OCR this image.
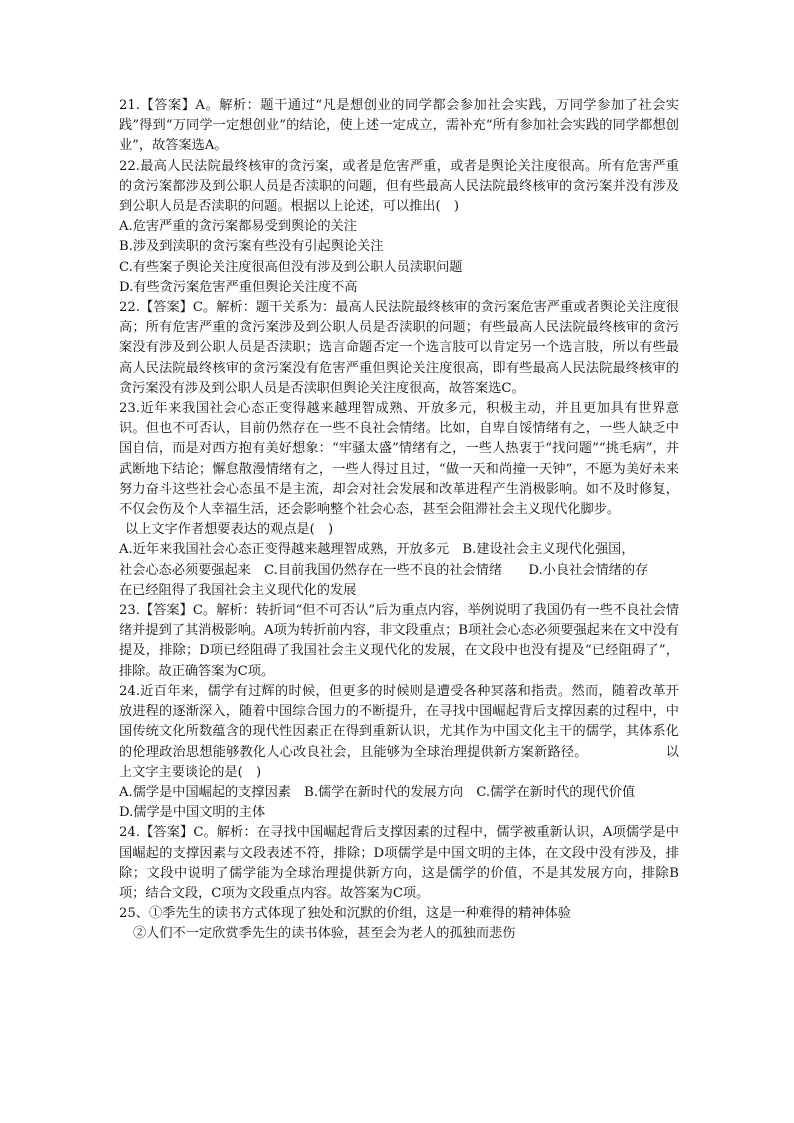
21.【答案】A。解析：题干通过“凡是想创业的同学都会参加社会实践，万同学参加了社会实践”得到“万同学一定想创业”的结论，使上述一定成立，需补充“所有参加社会实践的同学都想创业”，故答案选A。

22.最高人民法院最终核审的贪污案，或者是危害严重，或者是舆论关注度很高。所有危害严重的贪污案都涉及到公职人员是否渎职的问题，但有些最高人民法院最终核审的贪污案并没有涉及到公职人员是否渎职的问题。根据以上论述，可以推出(　)

A.危害严重的贪污案都易受到舆论的关注
B.涉及到渎职的贪污案有些没有引起舆论关注
C.有些案子舆论关注度很高但没有涉及到公职人员渎职问题
D.有些贪污案危害严重但舆论关注度不高

22.【答案】C。解析：题干关系为：最高人民法院最终核审的贪污案危害严重或者舆论关注度很高；所有危害严重的贪污案涉及到公职人员是否渎职的问题；有些最高人民法院最终核审的贪污案没有涉及到公职人员是否渎职；选言命题否定一个选言肢可以肯定另一个选言肢，所以有些最高人民法院最终核审的贪污案没有危害严重但舆论关注度很高，即有些最高人民法院最终核审的贪污案没有涉及到公职人员是否渎职但舆论关注度很高，故答案选C。

23.近年来我国社会心态正变得越来越理智成熟、开放多元，积极主动，并且更加具有世界意识。但也不可否认，目前仍然存在一些不良社会情绪。比如，自卑自馁情绪有之，一些人缺乏中国自信，而是对西方抱有美好想象：“牢骚太盛”情绪有之，一些人热衷于“找问题”“挑毛病”，并武断地下结论；懈怠散漫情绪有之，一些人得过且过，“做一天和尚撞一天钟”，不愿为美好未来努力奋斗这些社会心态虽不是主流，却会对社会发展和改革进程产生消极影响。如不及时修复，不仅会伤及个人幸福生活，还会影响整个社会心态，甚至会阻滞社会主义现代化脚步。

以上文字作者想要表达的观点是(　)

A.近年来我国社会心态正变得越来越理智成熟，开放多元　B.建设社会主义现代化强国，
社会心态必须要强起来　C.目前我国仍然存在一些不良的社会情绪　　D.小良社会情绪的存
在已经阻得了我国社会主义现代化的发展

23.【答案】C。解析：转折词“但不可否认”后为重点内容，举例说明了我国仍有一些不良社会情绪并提到了其消极影响。A项为转折前内容，非文段重点；B项社会心态必须要强起来在文中没有提及，排除；D项已经阻碍了我国社会主义现代化的发展，在文段中也没有提及“已经阻碍了”，排除。故正确答案为C项。

24.近百年来，儒学有过辉的时候，但更多的时候则是遭受各种冥落和指责。然而，随着改革开放进程的逐渐深入，随着中国综合国力的不断提升，在寻找中国崛起背后支撑因素的过程中，中国传统文化所数蕴含的现代性因素正在得到重新认识，尤其作为中国文化主干的儒学，其体系化的伦理政治思想能够教化人心改良社会，且能够为全球治理提供新方案新路径。	以上文字主要谈论的是(　)

A.儒学是中国崛起的支撑因素　B.儒学在新时代的发展方向　C.儒学在新时代的现代价值
D.儒学是中国文明的主体

24.【答案】C。解析：在寻找中国崛起背后支撑因素的过程中，儒学被重新认识，A项儒学是中国崛起的支撑因素与文段表述不符，排除；D项儒学是中国文明的主体，在文段中没有涉及，排除；文段中说明了儒学能为全球治理提供新方向，这是儒学的价值，不是其发展方向，排除B项；结合文段，C项为文段重点内容。故答案为C项。

25、①季先生的读书方式体现了独处和沉默的价组，这是一种难得的精神体验

②人们不一定欣赏季先生的读书体验，甚至会为老人的孤独而悲伤
